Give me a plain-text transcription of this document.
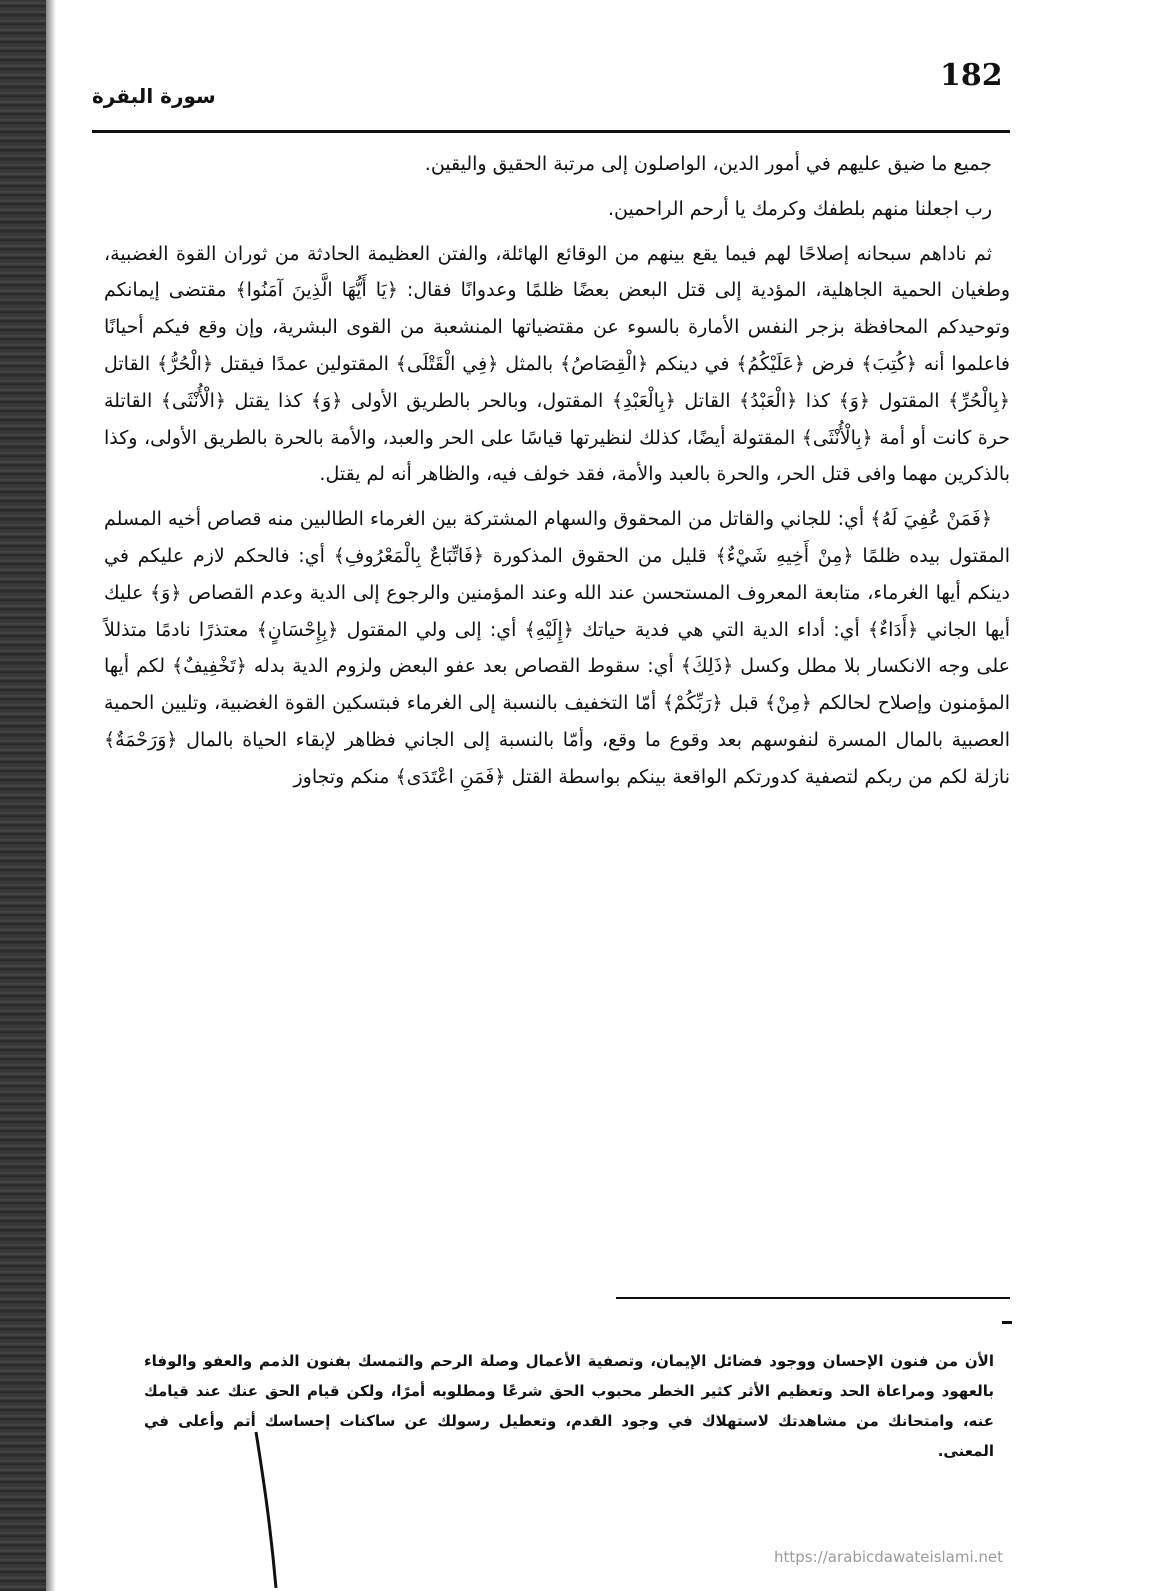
182
سورة البقرة

جميع ما ضيق عليهم في أمور الدين، الواصلون إلى مرتبة الحقيق واليقين.

رب اجعلنا منهم بلطفك وكرمك يا أرحم الراحمين.

ثم ناداهم سبحانه إصلاحًا لهم فيما يقع بينهم من الوقائع الهائلة، والفتن العظيمة الحادثة من ثوران القوة الغضبية، وطغيان الحمية الجاهلية، المؤدية إلى قتل البعض بعضًا ظلمًا وعدوانًا فقال: ﴿يَا أَيُّهَا الَّذِينَ آمَنُوا﴾ مقتضى إيمانكم وتوحيدكم المحافظة بزجر النفس الأمارة بالسوء عن مقتضياتها المنشعبة من القوى البشرية، وإن وقع فيكم أحيانًا فاعلموا أنه ﴿كُتِبَ﴾ فرض ﴿عَلَيْكُمُ﴾ في دينكم ﴿الْقِصَاصُ﴾ بالمثل ﴿فِي الْقَتْلَى﴾ المقتولين عمدًا فيقتل ﴿الْحُرُّ﴾ القاتل ﴿بِالْحُرِّ﴾ المقتول ﴿وَ﴾ كذا ﴿الْعَبْدُ﴾ القاتل ﴿بِالْعَبْدِ﴾ المقتول، وبالحر بالطريق الأولى ﴿وَ﴾ كذا يقتل ﴿الْأُنْثَى﴾ القاتلة حرة كانت أو أمة ﴿بِالْأُنْثَى﴾ المقتولة أيضًا، كذلك لنظيرتها قياسًا على الحر والعبد، والأمة بالحرة بالطريق الأولى، وكذا بالذكرين مهما وافى قتل الحر، والحرة بالعبد والأمة، فقد خولف فيه، والظاهر أنه لم يقتل.

﴿فَمَنْ عُفِيَ لَهُ﴾ أي: للجاني والقاتل من المحقوق والسهام المشتركة بين الغرماء الطالبين منه قصاص أخيه المسلم المقتول بيده ظلمًا ﴿مِنْ أَخِيهِ شَيْءٌ﴾ قليل من الحقوق المذكورة ﴿فَاتِّبَاعٌ بِالْمَعْرُوفِ﴾ أي: فالحكم لازم عليكم في دينكم أيها الغرماء، متابعة المعروف المستحسن عند الله وعند المؤمنين والرجوع إلى الدية وعدم القصاص ﴿وَ﴾ عليك أيها الجاني ﴿أَدَاءٌ﴾ أي: أداء الدية التي هي فدية حياتك ﴿إِلَيْهِ﴾ أي: إلى ولي المقتول ﴿بِإِحْسَانٍ﴾ معتذرًا نادمًا متذللاً على وجه الانكسار بلا مطل وكسل ﴿ذَلِكَ﴾ أي: سقوط القصاص بعد عفو البعض ولزوم الدية بدله ﴿تَخْفِيفٌ﴾ لكم أيها المؤمنون وإصلاح لحالكم ﴿مِنْ﴾ قبل ﴿رَبِّكُمْ﴾ أمّا التخفيف بالنسبة إلى الغرماء فبتسكين القوة الغضبية، وتليين الحمية العصبية بالمال المسرة لنفوسهم بعد وقوع ما وقع، وأمّا بالنسبة إلى الجاني فظاهر لإبقاء الحياة بالمال ﴿وَرَحْمَةٌ﴾ نازلة لكم من ربكم لتصفية كدورتكم الواقعة بينكم بواسطة القتل ﴿فَمَنِ اعْتَدَى﴾ منكم وتجاوز

الأن من فنون الإحسان ووجود فضائل الإيمان، وتصفية الأعمال وصلة الرحم والتمسك بفنون الذمم والعفو والوفاء بالعهود ومراعاة الحد وتعظيم الأثر كثير الخطر محبوب الحق شرعًا ومطلوبه أمرًا، ولكن قيام الحق عنك عند قيامك عنه، وامتحانك من مشاهدتك لاستهلاك في وجود القدم، وتعطيل رسولك عن ساكنات إحساسك أتم وأعلى في المعنى.
https://arabicdawateislami.net
